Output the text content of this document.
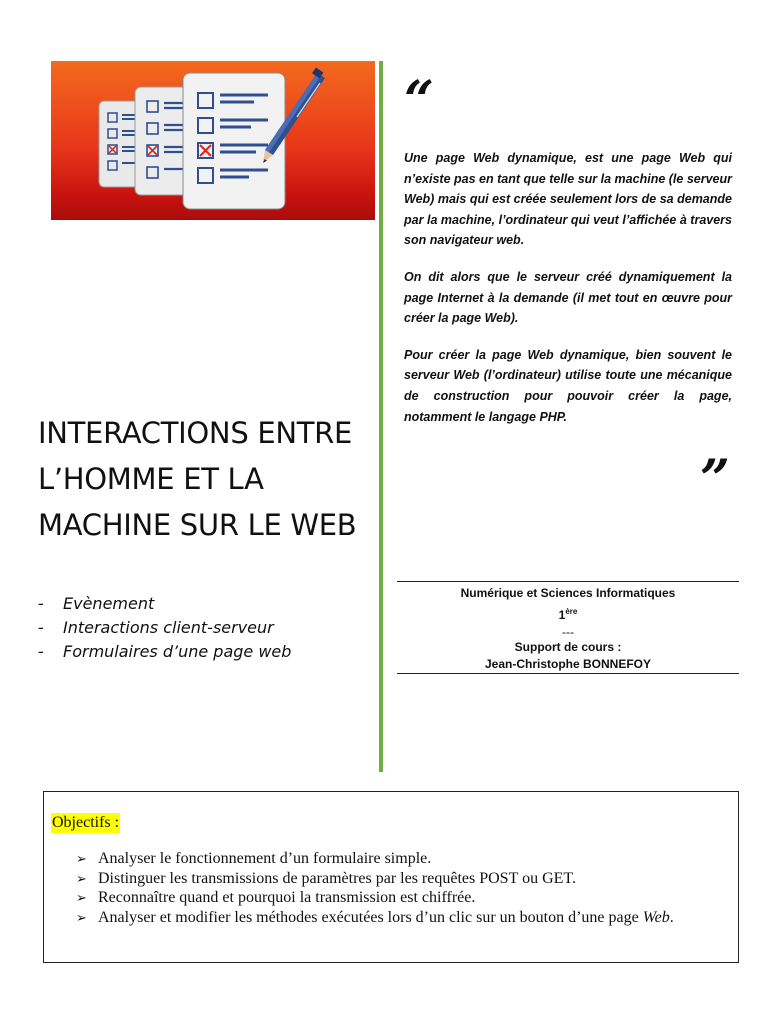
INTERACTIONS ENTRE
L’HOMME ET LA
MACHINE SUR LE WEB
-	Evènement
-	Interactions client-serveur
-	Formulaires d’une page web
“

Une page Web dynamique, est une page Web qui n’existe pas en tant que telle sur la machine (le serveur Web) mais qui est créée seulement lors de sa demande par la machine, l’ordinateur qui veut l’affichée à travers son navigateur web.

On dit alors que le serveur créé dynamiquement la page Internet à la demande (il met tout en œuvre pour créer la page Web).

Pour créer la page Web dynamique, bien souvent le serveur Web (l’ordinateur) utilise toute une mécanique de construction pour pouvoir créer la page, notamment le langage PHP.

”
Numérique et Sciences Informatiques
1ère
---
Support de cours :
Jean-Christophe BONNEFOY
Objectifs :
➢ Analyser le fonctionnement d’un formulaire simple.
➢ Distinguer les transmissions de paramètres par les requêtes POST ou GET.
➢ Reconnaître quand et pourquoi la transmission est chiffrée.
➢ Analyser et modifier les méthodes exécutées lors d’un clic sur un bouton d’une page Web.
